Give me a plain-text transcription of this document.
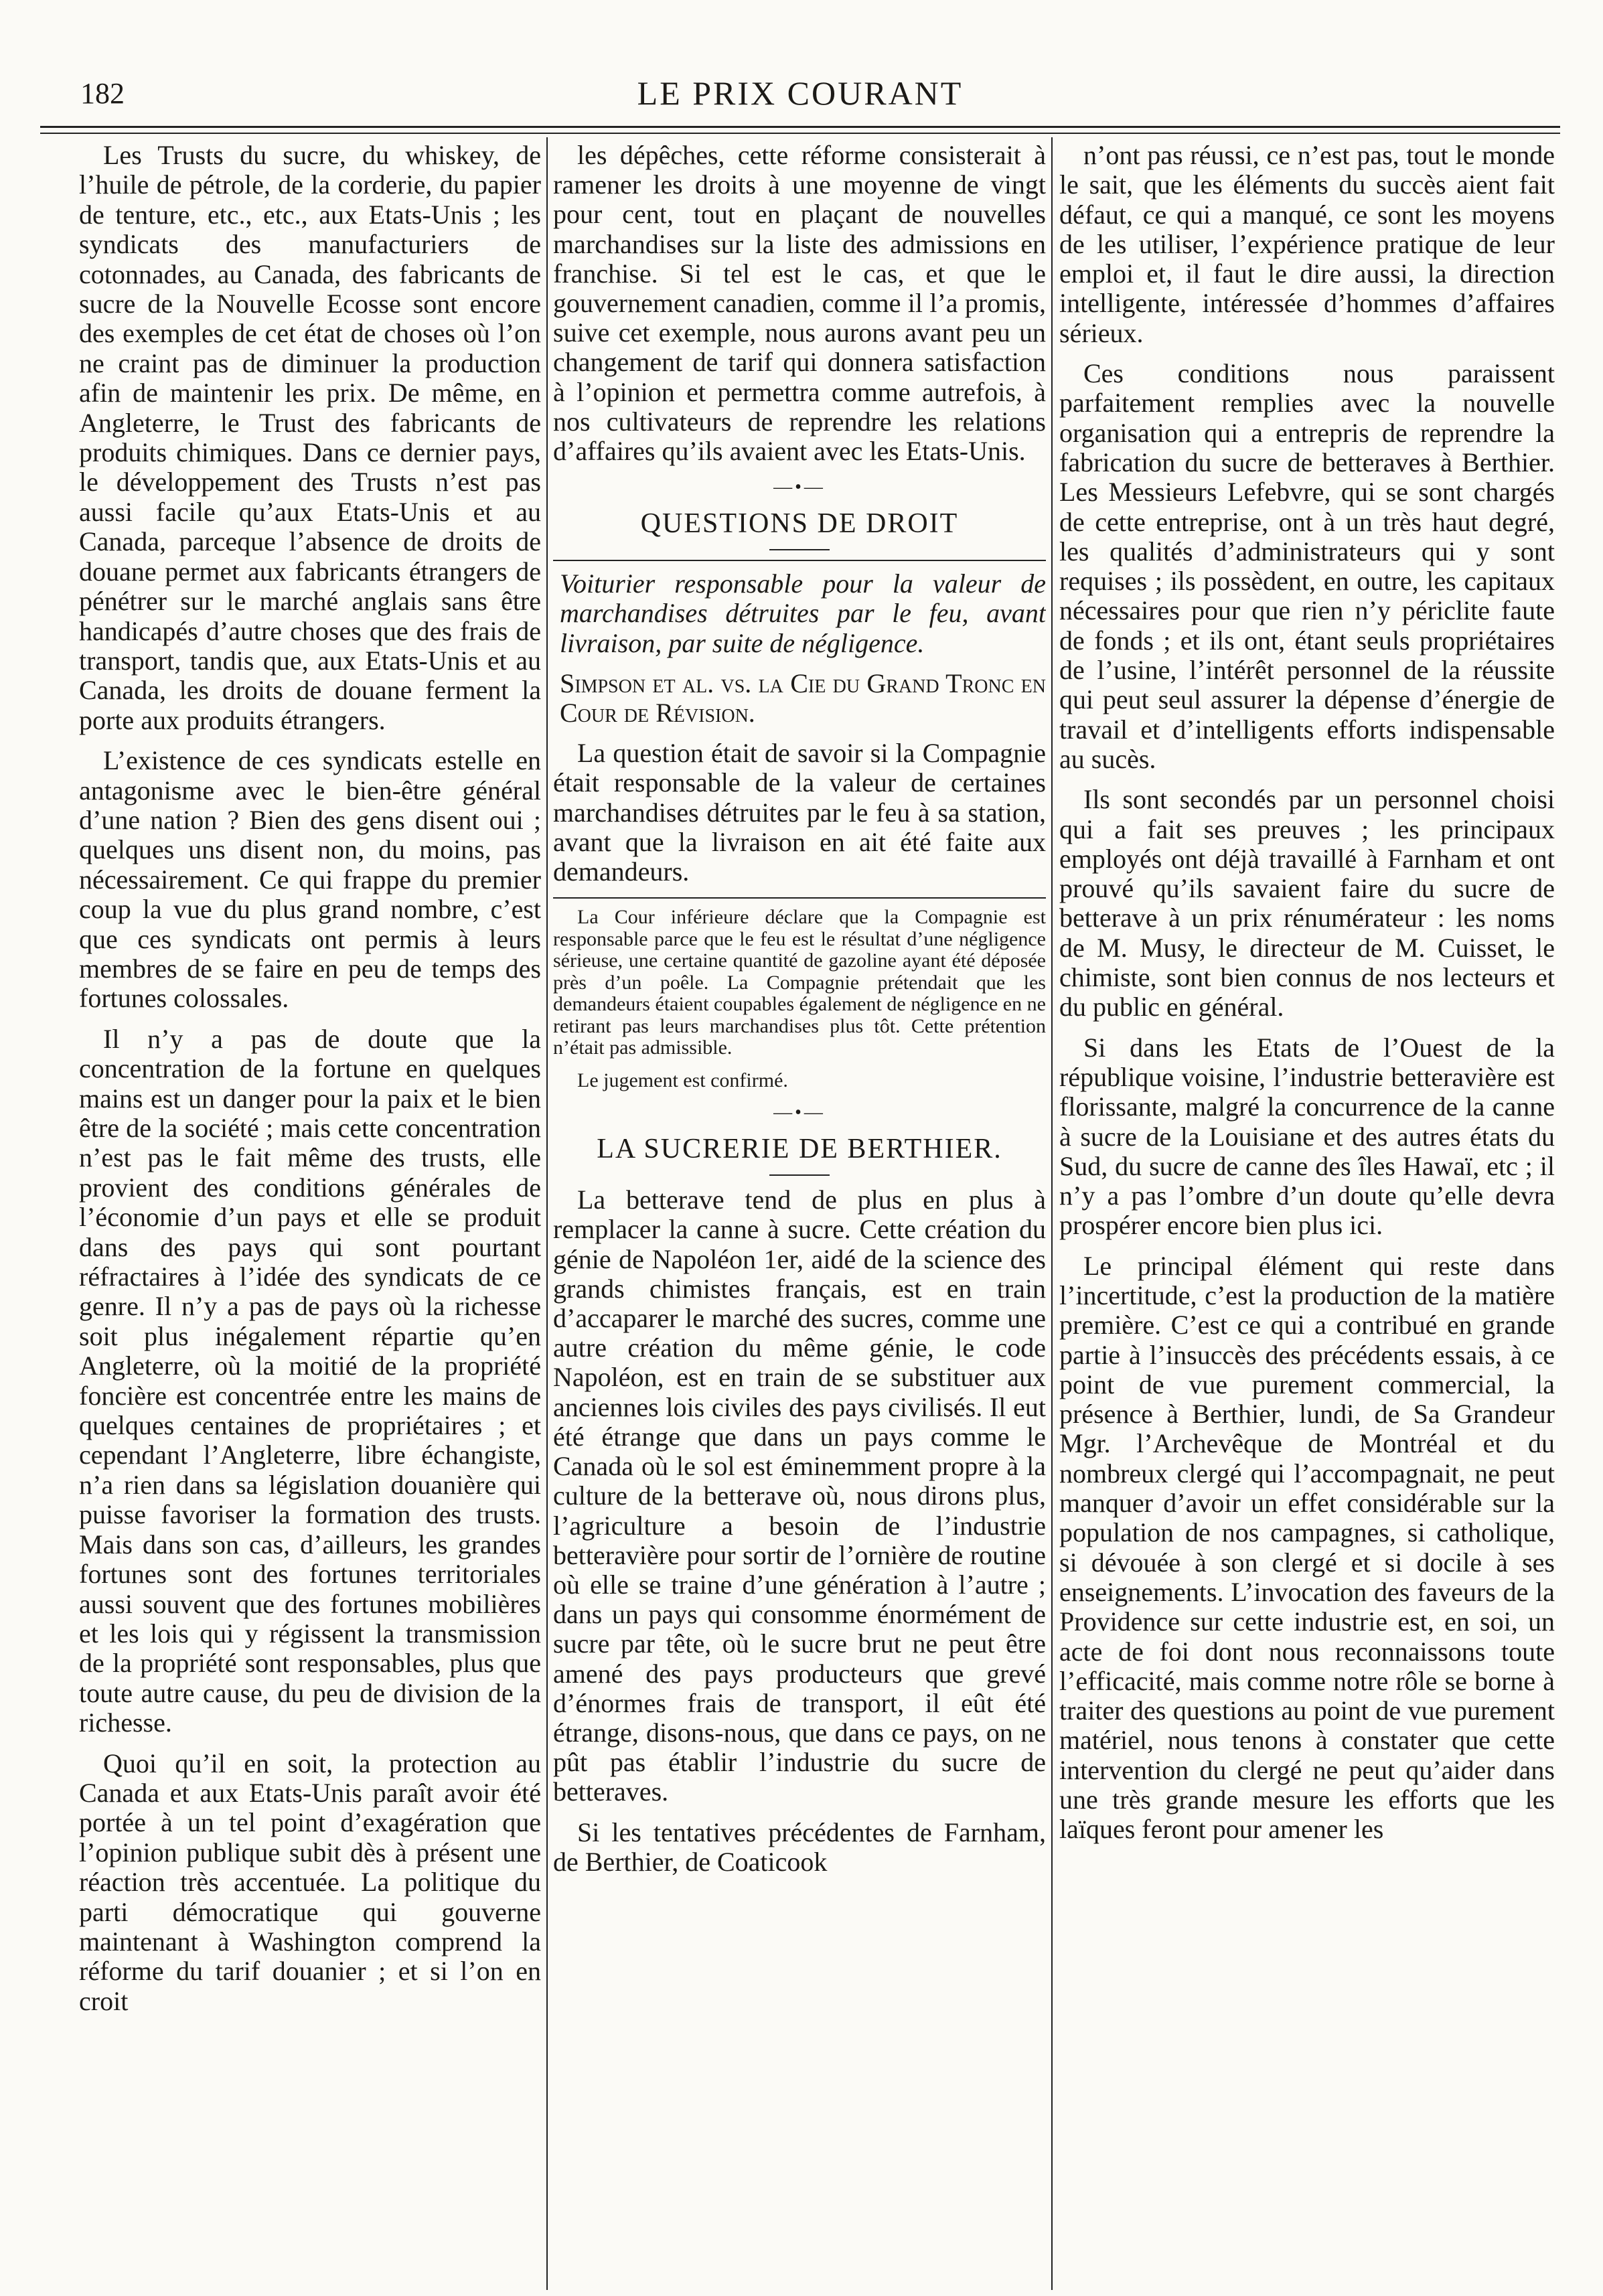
182	LE PRIX COURANT

Les Trusts du sucre, du whiskey, de l’huile de pétrole, de la corderie, du papier de tenture, etc., etc., aux Etats-Unis ; les syndicats des manufacturiers de cotonnades, au Canada, des fabricants de sucre de la Nouvelle Ecosse sont encore des exemples de cet état de choses où l’on ne craint pas de diminuer la production afin de maintenir les prix. De même, en Angleterre, le Trust des fabricants de produits chimiques. Dans ce dernier pays, le développement des Trusts n’est pas aussi facile qu’aux Etats-Unis et au Canada, parceque l’absence de droits de douane permet aux fabricants étrangers de pénétrer sur le marché anglais sans être handicapés d’autre choses que des frais de transport, tandis que, aux Etats-Unis et au Canada, les droits de douane ferment la porte aux produits étrangers.

L’existence de ces syndicats estelle en antagonisme avec le bien-être général d’une nation ? Bien des gens disent oui ; quelques uns disent non, du moins, pas nécessairement. Ce qui frappe du premier coup la vue du plus grand nombre, c’est que ces syndicats ont permis à leurs membres de se faire en peu de temps des fortunes colossales.

Il n’y a pas de doute que la concentration de la fortune en quelques mains est un danger pour la paix et le bien être de la société ; mais cette concentration n’est pas le fait même des trusts, elle provient des conditions générales de l’économie d’un pays et elle se produit dans des pays qui sont pourtant réfractaires à l’idée des syndicats de ce genre. Il n’y a pas de pays où la richesse soit plus inégalement répartie qu’en Angleterre, où la moitié de la propriété foncière est concentrée entre les mains de quelques centaines de propriétaires ; et cependant l’Angleterre, libre échangiste, n’a rien dans sa législation douanière qui puisse favoriser la formation des trusts. Mais dans son cas, d’ailleurs, les grandes fortunes sont des fortunes territoriales aussi souvent que des fortunes mobilières et les lois qui y régissent la transmission de la propriété sont responsables, plus que toute autre cause, du peu de division de la richesse.

Quoi qu’il en soit, la protection au Canada et aux Etats-Unis paraît avoir été portée à un tel point d’exagération que l’opinion publique subit dès à présent une réaction très accentuée. La politique du parti démocratique qui gouverne maintenant à Washington comprend la réforme du tarif douanier ; et si l’on en croit

les dépêches, cette réforme consisterait à ramener les droits à une moyenne de vingt pour cent, tout en plaçant de nouvelles marchandises sur la liste des admissions en franchise. Si tel est le cas, et que le gouvernement canadien, comme il l’a promis, suive cet exemple, nous aurons avant peu un changement de tarif qui donnera satisfaction à l’opinion et permettra comme autrefois, à nos cultivateurs de reprendre les relations d’affaires qu’ils avaient avec les Etats-Unis.

—•—
QUESTIONS DE DROIT

Voiturier responsable pour la valeur de marchandises détruites par le feu, avant livraison, par suite de négligence.

Simpson et al. vs. la Cie du Grand Tronc en Cour de Révision.

La question était de savoir si la Compagnie était responsable de la valeur de certaines marchandises détruites par le feu à sa station, avant que la livraison en ait été faite aux demandeurs.

La Cour inférieure déclare que la Compagnie est responsable parce que le feu est le résultat d’une négligence sérieuse, une certaine quantité de gazoline ayant été déposée près d’un poêle. La Compagnie prétendait que les demandeurs étaient coupables également de négligence en ne retirant pas leurs marchandises plus tôt. Cette prétention n’était pas admissible.

Le jugement est confirmé.

—•—
LA SUCRERIE DE BERTHIER.

La betterave tend de plus en plus à remplacer la canne à sucre. Cette création du génie de Napoléon 1er, aidé de la science des grands chimistes français, est en train d’accaparer le marché des sucres, comme une autre création du même génie, le code Napoléon, est en train de se substituer aux anciennes lois civiles des pays civilisés. Il eut été étrange que dans un pays comme le Canada où le sol est éminemment propre à la culture de la betterave où, nous dirons plus, l’agriculture a besoin de l’industrie betteravière pour sortir de l’ornière de routine où elle se traine d’une génération à l’autre ; dans un pays qui consomme énormément de sucre par tête, où le sucre brut ne peut être amené des pays producteurs que grevé d’énormes frais de transport, il eût été étrange, disons-nous, que dans ce pays, on ne pût pas établir l’industrie du sucre de betteraves.

Si les tentatives précédentes de Farnham, de Berthier, de Coaticook

n’ont pas réussi, ce n’est pas, tout le monde le sait, que les éléments du succès aient fait défaut, ce qui a manqué, ce sont les moyens de les utiliser, l’expérience pratique de leur emploi et, il faut le dire aussi, la direction intelligente, intéressée d’hommes d’affaires sérieux.

Ces conditions nous paraissent parfaitement remplies avec la nouvelle organisation qui a entrepris de reprendre la fabrication du sucre de betteraves à Berthier. Les Messieurs Lefebvre, qui se sont chargés de cette entreprise, ont à un très haut degré, les qualités d’administrateurs qui y sont requises ; ils possèdent, en outre, les capitaux nécessaires pour que rien n’y périclite faute de fonds ; et ils ont, étant seuls propriétaires de l’usine, l’intérêt personnel de la réussite qui peut seul assurer la dépense d’énergie de travail et d’intelligents efforts indispensable au sucès.

Ils sont secondés par un personnel choisi qui a fait ses preuves ; les principaux employés ont déjà travaillé à Farnham et ont prouvé qu’ils savaient faire du sucre de betterave à un prix rénumérateur : les noms de M. Musy, le directeur de M. Cuisset, le chimiste, sont bien connus de nos lecteurs et du public en général.

Si dans les Etats de l’Ouest de la république voisine, l’industrie betteravière est florissante, malgré la concurrence de la canne à sucre de la Louisiane et des autres états du Sud, du sucre de canne des îles Hawaï, etc ; il n’y a pas l’ombre d’un doute qu’elle devra prospérer encore bien plus ici.

Le principal élément qui reste dans l’incertitude, c’est la production de la matière première. C’est ce qui a contribué en grande partie à l’insuccès des précédents essais, à ce point de vue purement commercial, la présence à Berthier, lundi, de Sa Grandeur Mgr. l’Archevêque de Montréal et du nombreux clergé qui l’accompagnait, ne peut manquer d’avoir un effet considérable sur la population de nos campagnes, si catholique, si dévouée à son clergé et si docile à ses enseignements. L’invocation des faveurs de la Providence sur cette industrie est, en soi, un acte de foi dont nous reconnaissons toute l’efficacité, mais comme notre rôle se borne à traiter des questions au point de vue purement matériel, nous tenons à constater que cette intervention du clergé ne peut qu’aider dans une très grande mesure les efforts que les laïques feront pour amener les
